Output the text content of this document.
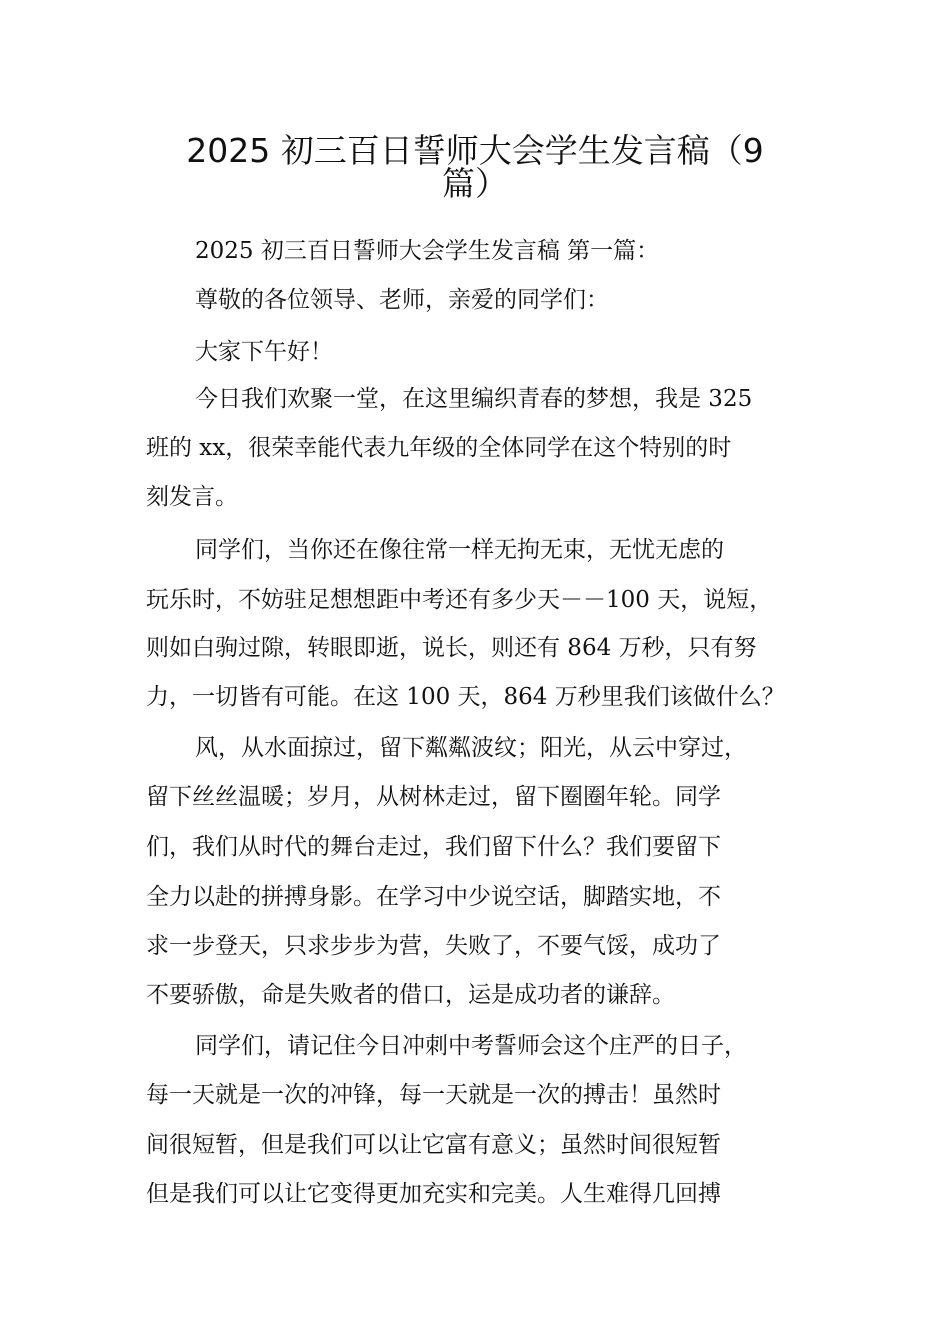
2025 初三百日誓师大会学生发言稿（9
篇）

2025 初三百日誓师大会学生发言稿 第一篇：

尊敬的各位领导、老师，亲爱的同学们：

大家下午好！

今日我们欢聚一堂，在这里编织青春的梦想，我是 325

班的 xx，很荣幸能代表九年级的全体同学在这个特别的时

刻发言。

同学们，当你还在像往常一样无拘无束，无忧无虑的

玩乐时，不妨驻足想想距中考还有多少天－－100 天，说短，

则如白驹过隙，转眼即逝，说长，则还有 864 万秒，只有努

力，一切皆有可能。在这 100 天，864 万秒里我们该做什么？

风，从水面掠过，留下粼粼波纹；阳光，从云中穿过，

留下丝丝温暖；岁月，从树林走过，留下圈圈年轮。同学

们，我们从时代的舞台走过，我们留下什么？我们要留下

全力以赴的拼搏身影。在学习中少说空话，脚踏实地，不

求一步登天，只求步步为营，失败了，不要气馁，成功了

不要骄傲，命是失败者的借口，运是成功者的谦辞。

同学们，请记住今日冲刺中考誓师会这个庄严的日子，

每一天就是一次的冲锋，每一天就是一次的搏击！虽然时

间很短暂，但是我们可以让它富有意义；虽然时间很短暂

但是我们可以让它变得更加充实和完美。人生难得几回搏
